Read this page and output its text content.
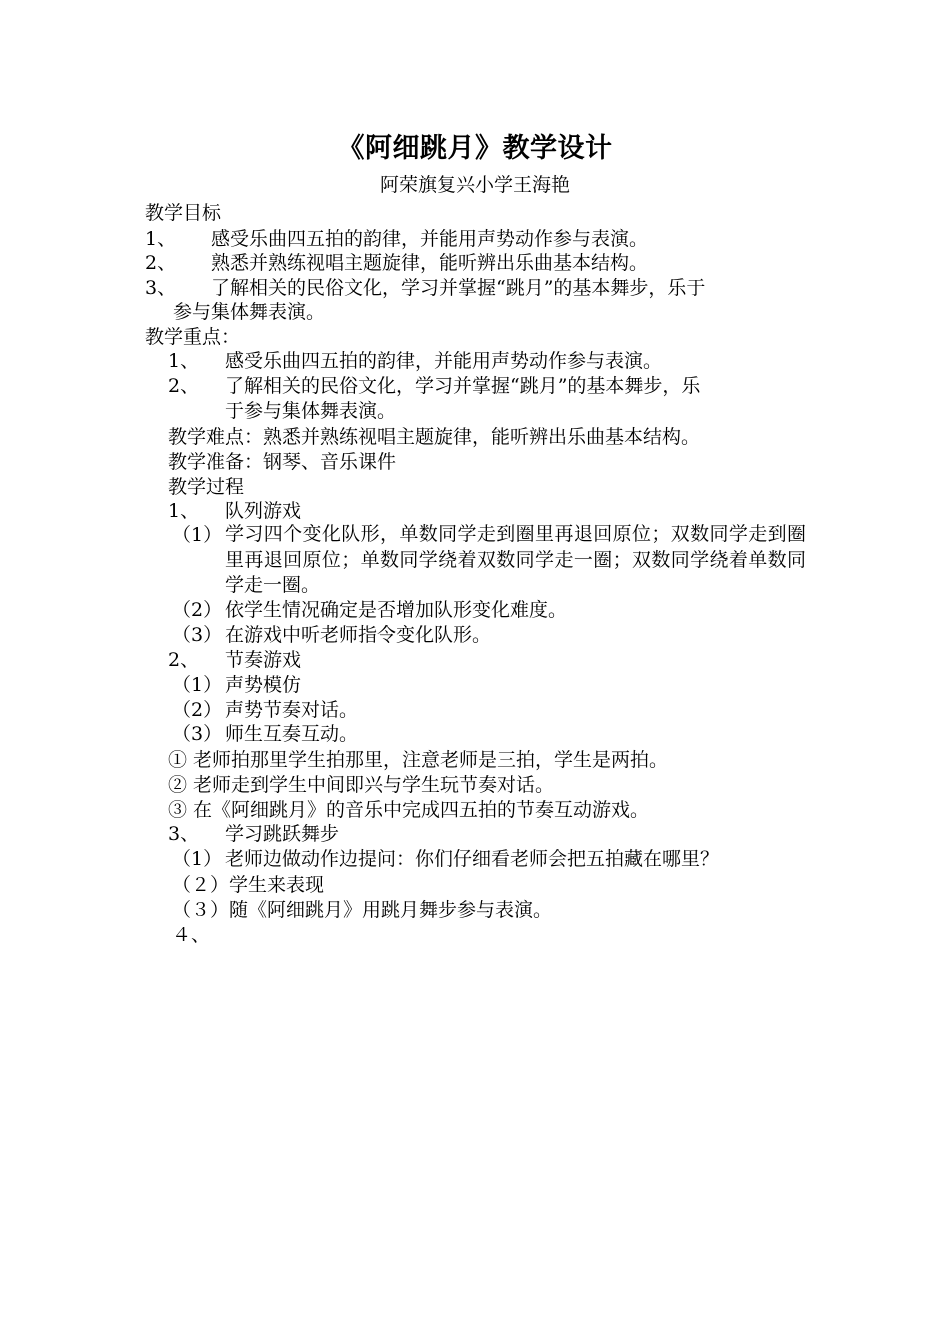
《阿细跳月》教学设计
阿荣旗复兴小学王海艳
教学目标
1、 感受乐曲四五拍的韵律，并能用声势动作参与表演。
2、 熟悉并熟练视唱主题旋律，能听辨出乐曲基本结构。
3、 了解相关的民俗文化，学习并掌握“跳月”的基本舞步，乐于
参与集体舞表演。
教学重点：
1、 感受乐曲四五拍的韵律，并能用声势动作参与表演。
2、 了解相关的民俗文化，学习并掌握“跳月”的基本舞步，乐
于参与集体舞表演。
教学难点：熟悉并熟练视唱主题旋律，能听辨出乐曲基本结构。
教学准备：钢琴、音乐课件
教学过程
1、 队列游戏
（1） 学习四个变化队形，单数同学走到圈里再退回原位；双数同学走到圈里再退回原位；单数同学绕着双数同学走一圈；双数同学绕着单数同学走一圈。
（2） 依学生情况确定是否增加队形变化难度。
（3） 在游戏中听老师指令变化队形。
2、 节奏游戏
（1） 声势模仿
（2） 声势节奏对话。
（3） 师生互奏互动。
① 老师拍那里学生拍那里，注意老师是三拍，学生是两拍。
② 老师走到学生中间即兴与学生玩节奏对话。
③ 在《阿细跳月》的音乐中完成四五拍的节奏互动游戏。
3、 学习跳跃舞步
（1） 老师边做动作边提问：你们仔细看老师会把五拍藏在哪里？
（２）学生来表现
（３）随《阿细跳月》用跳月舞步参与表演。
４、
